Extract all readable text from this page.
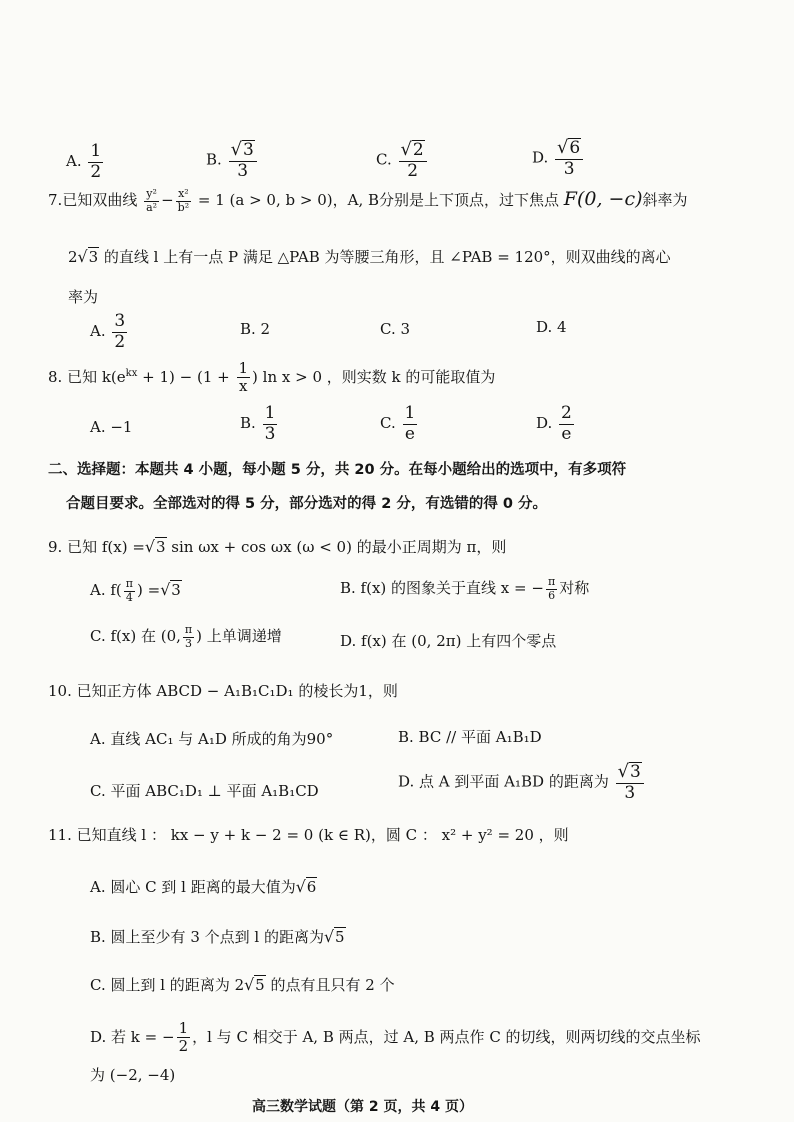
A. $\frac{1}{2}$	B. $\frac{√3}{3}$	C. $\frac{√2}{2}$	D. $\frac{√6}{3}$
7.已知双曲线 $\frac{\text{y²}}{\text{a²}} - \frac{\text{x²}}{\text{b²}} = 1$ (a > 0, b > 0)，A, B分别是上下顶点，过下焦点 F(0, −c)斜率为
2√3 的直线 l 上有一点 P 满足 △PAB 为等腰三角形，且 ∠PAB = 120°，则双曲线的离心
率为
A. $\frac{3}{2}$	B. 2	C. 3	D. 4
8. 已知 $k(e^{kx} + 1) - (1 + \frac{1}{x}$ ) ln x > 0 ，则实数 k 的可能取值为
A. −1	B. $\frac{1}{3}$	C. $\frac{1}{e}$	D. $\frac{2}{e}$
二、选择题：本题共 4 小题，每小题 5 分，共 20 分。在每小题给出的选项中，有多项符
合题目要求。全部选对的得 5 分，部分选对的得 2 分，有选错的得 0 分。
9. 已知 f(x) =√3 sin ωx + cos ωx (ω < 0) 的最小正周期为 π，则
A. $f( \frac{\pi}{4}$ ) =√3	B. f(x) 的图象关于直线 x = − $\frac{\pi}{6}$ 对称
C. f(x) 在 (0, $\frac{\pi}{3}$ ) 上单调递增	D. f(x) 在 (0, 2π) 上有四个零点
10. 已知正方体 ABCD − A₁B₁C₁D₁ 的棱长为1，则
A. 直线 AC₁ 与 A₁D 所成的角为90°	B. BC // 平面 A₁B₁D
C. 平面 ABC₁D₁ ⊥ 平面 A₁B₁CD
D. 点 A 到平面 A₁BD 的距离为 $\frac{√3}{3}$
11. 已知直线 l ： kx − y + k − 2 = 0 (k ∈ R)，圆 C ： x² + y² = 20 ，则
A. 圆心 C 到 l 距离的最大值为√6
B. 圆上至少有 3 个点到 l 的距离为√5
C. 圆上到 l 的距离为 2√5 的点有且只有 2 个
D. 若 k = − $\frac{1}{2}$ ，l 与 C 相交于 A, B 两点，过 A, B 两点作 C 的切线，则两切线的交点坐标
为 (−2, −4)
高三数学试题（第 2 页，共 4 页）
